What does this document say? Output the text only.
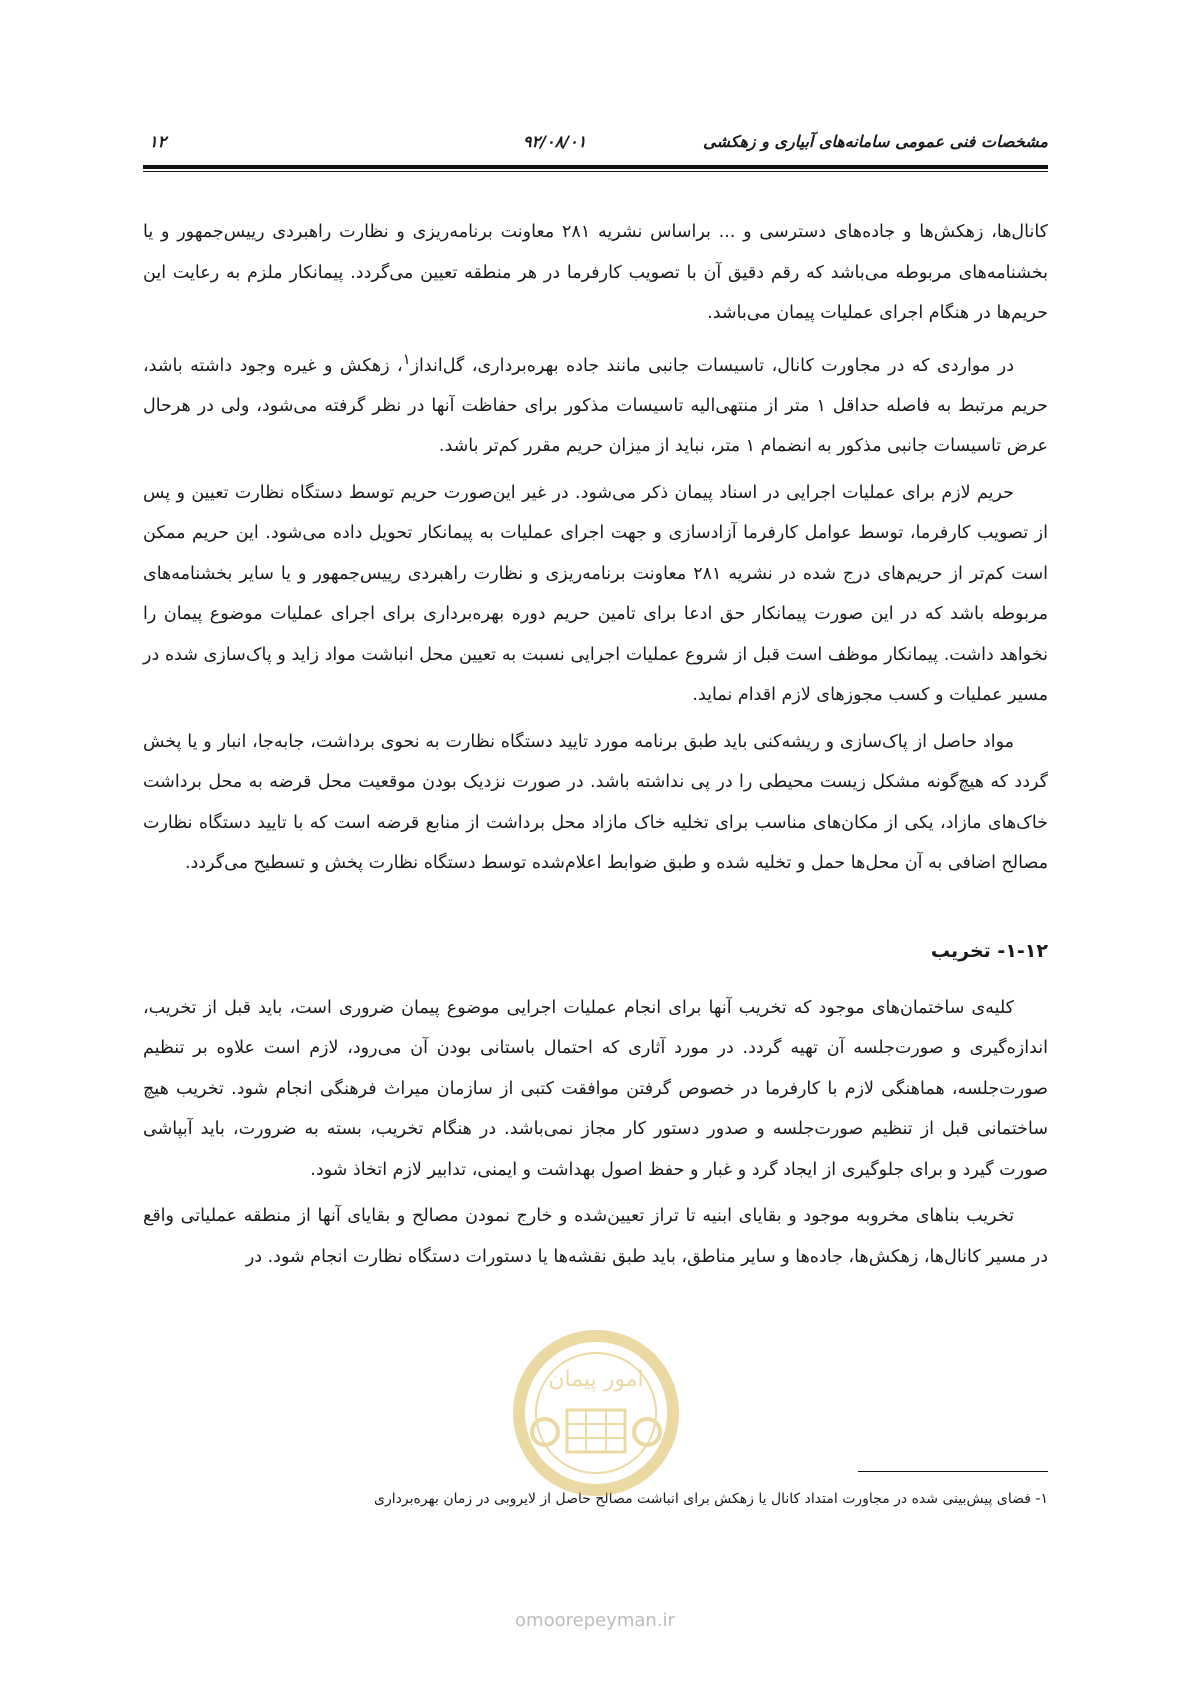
مشخصات فنی عمومی سامانه‌های آبیاری و زهکشی
۹۲/۰۸/۰۱
۱۲

کانال‌ها، زهکش‌ها و جاده‌های دسترسی و ... براساس نشریه ۲۸۱ معاونت برنامه‌ریزی و نظارت راهبردی رییس‌جمهور و یا بخشنامه‌های مربوطه می‌باشد که رقم دقیق آن با تصویب کارفرما در هر منطقه تعیین می‌گردد. پیمانکار ملزم به رعایت این حریم‌ها در هنگام اجرای عملیات پیمان می‌باشد.

در مواردی که در مجاورت کانال، تاسیسات جانبی مانند جاده بهره‌برداری، گل‌انداز$^۱$، زهکش و غیره وجود داشته باشد، حریم مرتبط به فاصله حداقل ۱ متر از منتهی‌الیه تاسیسات مذکور برای حفاظت آنها در نظر گرفته می‌شود، ولی در هرحال عرض تاسیسات جانبی مذکور به انضمام ۱ متر، نباید از میزان حریم مقرر کم‌تر باشد.

حریم لازم برای عملیات اجرایی در اسناد پیمان ذکر می‌شود. در غیر این‌صورت حریم توسط دستگاه نظارت تعیین و پس از تصویب کارفرما، توسط عوامل کارفرما آزادسازی و جهت اجرای عملیات به پیمانکار تحویل داده می‌شود. این حریم ممکن است کم‌تر از حریم‌های درج شده در نشریه ۲۸۱ معاونت برنامه‌ریزی و نظارت راهبردی رییس‌جمهور و یا سایر بخشنامه‌های مربوطه باشد که در این صورت پیمانکار حق ادعا برای تامین حریم دوره بهره‌برداری برای اجرای عملیات موضوع پیمان را نخواهد داشت. پیمانکار موظف است قبل از شروع عملیات اجرایی نسبت به تعیین محل انباشت مواد زاید و پاک‌سازی شده در مسیر عملیات و کسب مجوزهای لازم اقدام نماید.

مواد حاصل از پاک‌سازی و ریشه‌کنی باید طبق برنامه مورد تایید دستگاه نظارت به نحوی برداشت، جابه‌جا، انبار و یا پخش گردد که هیچ‌گونه مشکل زیست محیطی را در پی نداشته باشد. در صورت نزدیک بودن موقعیت محل قرضه به محل برداشت خاک‌های مازاد، یکی از مکان‌های مناسب برای تخلیه خاک مازاد محل برداشت از منابع قرضه است که با تایید دستگاه نظارت مصالح اضافی به آن محل‌ها حمل و تخلیه شده و طبق ضوابط اعلام‌شده توسط دستگاه نظارت پخش و تسطیح می‌گردد.

۱-۱۲- تخریب

کلیه‌ی ساختمان‌های موجود که تخریب آنها برای انجام عملیات اجرایی موضوع پیمان ضروری است، باید قبل از تخریب، اندازه‌گیری و صورت‌جلسه آن تهیه گردد. در مورد آثاری که احتمال باستانی بودن آن می‌رود، لازم است علاوه بر تنظیم صورت‌جلسه، هماهنگی لازم با کارفرما در خصوص گرفتن موافقت کتبی از سازمان میراث فرهنگی انجام شود. تخریب هیچ ساختمانی قبل از تنظیم صورت‌جلسه و صدور دستور کار مجاز نمی‌باشد. در هنگام تخریب، بسته به ضرورت، باید آبپاشی صورت گیرد و برای جلوگیری از ایجاد گرد و غبار و حفظ اصول بهداشت و ایمنی، تدابیر لازم اتخاذ شود.

تخریب بناهای مخروبه موجود و بقایای ابنیه تا تراز تعیین‌شده و خارج نمودن مصالح و بقایای آنها از منطقه عملیاتی واقع در مسیر کانال‌ها، زهکش‌ها، جاده‌ها و سایر مناطق، باید طبق نقشه‌ها یا دستورات دستگاه نظارت انجام شود. در

۱- فضای پیش‌بینی شده در مجاورت امتداد کانال یا زهکش برای انباشت مصالح حاصل از لایروبی در زمان بهره‌برداری
امور پیمان
omoorepeyman.ir
